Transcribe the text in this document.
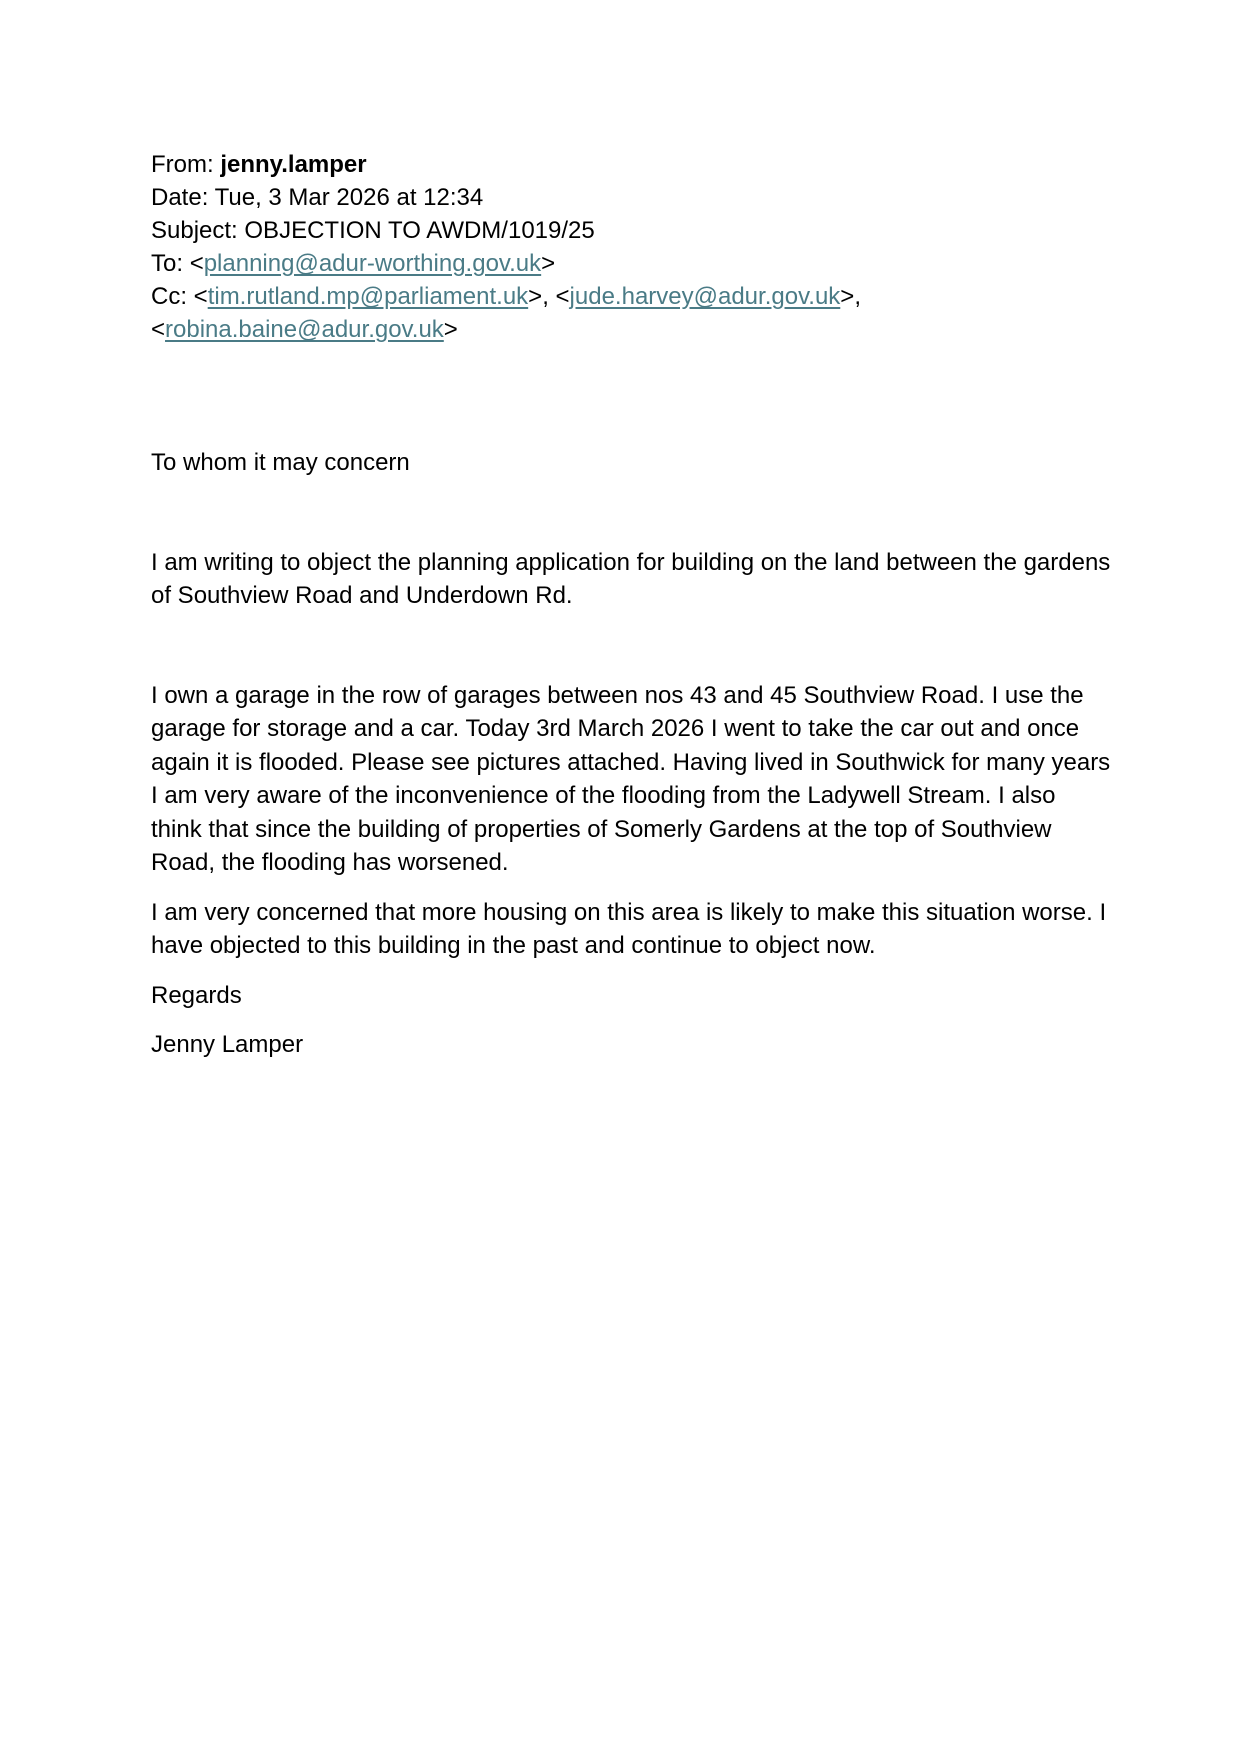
From: jenny.lamper
Date: Tue, 3 Mar 2026 at 12:34
Subject: OBJECTION TO AWDM/1019/25
To: <planning@adur-worthing.gov.uk>
Cc: <tim.rutland.mp@parliament.uk>, <jude.harvey@adur.gov.uk>,
<robina.baine@adur.gov.uk>

To whom it may concern

I am writing to object the planning application for building on the land between the gardens of Southview Road and Underdown Rd.

I own a garage in the row of garages between nos 43 and 45 Southview Road. I use the garage for storage and a car. Today 3rd March 2026 I went to take the car out and once again it is flooded. Please see pictures attached. Having lived in Southwick for many years I am very aware of the inconvenience of the flooding from the Ladywell Stream. I also think that since the building of properties of Somerly Gardens at the top of Southview Road, the flooding has worsened.

I am very concerned that more housing on this area is likely to make this situation worse. I have objected to this building in the past and continue to object now.

Regards

Jenny Lamper
